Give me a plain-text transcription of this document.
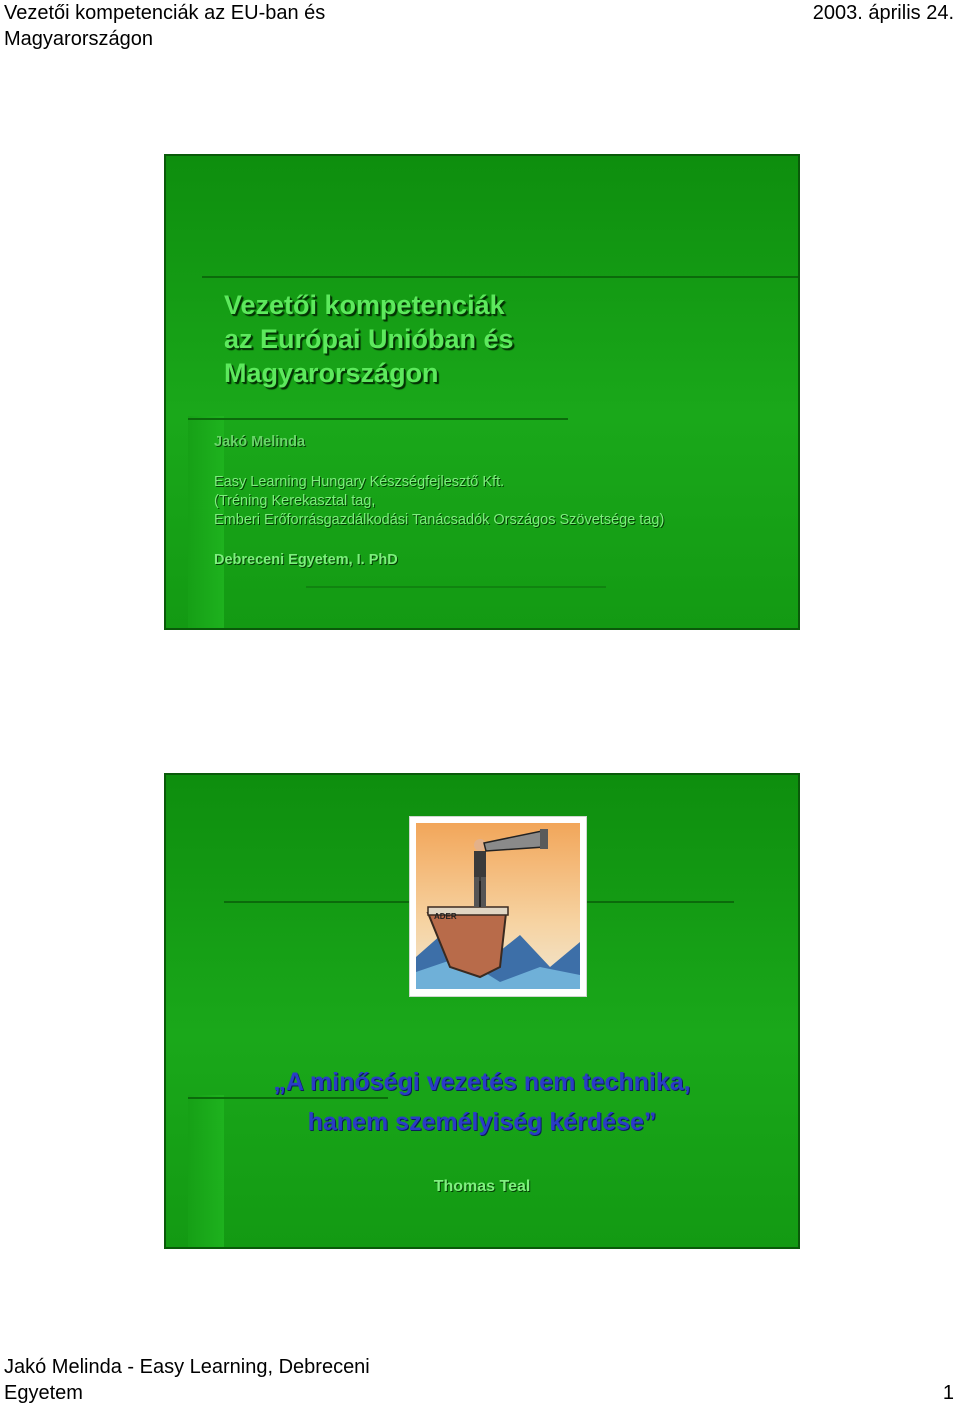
Vezetői kompetenciák az EU-ban és
Magyarországon
2003. április 24.
Vezetői kompetenciák
az Európai Unióban és
Magyarországon
Jakó Melinda
Easy Learning Hungary Készségfejlesztő Kft.
(Tréning Kerekasztal tag,
Emberi Erőforrásgazdálkodási Tanácsadók Országos Szövetsége tag)
Debreceni Egyetem, I. PhD
ADER
„A minőségi vezetés nem technika,
hanem személyiség kérdése”
Thomas Teal
Jakó Melinda - Easy Learning, Debreceni
Egyetem	1
